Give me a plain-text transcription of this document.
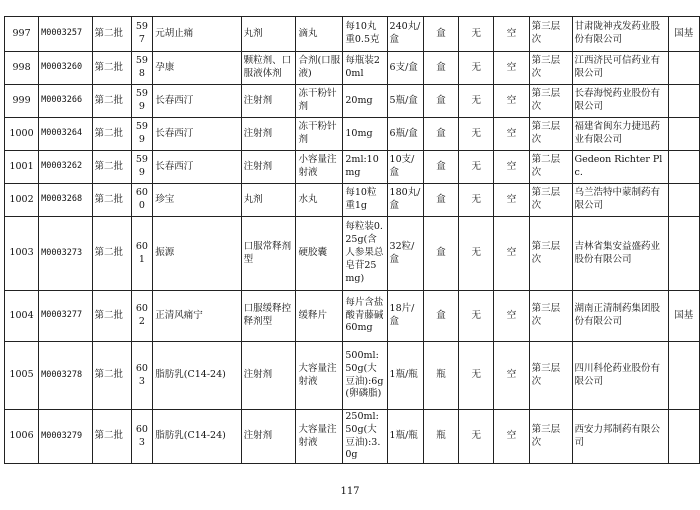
997	M0003257	第二批	597	元胡止痛	丸剂	滴丸	每10丸重0.5克	240丸/盒	盒	无	空	第三层次	甘肃陇神戎发药业股份有限公司	国基
998	M0003260	第二批	598	孕康	颗粒剂、口服液体剂	合剂(口服液)	每瓶装20ml	6支/盒	盒	无	空	第三层次	江西济民可信药业有限公司	
999	M0003266	第二批	599	长春西汀	注射剂	冻干粉针剂	20mg	5瓶/盒	盒	无	空	第三层次	长春海悦药业股份有限公司	
1000	M0003264	第二批	599	长春西汀	注射剂	冻干粉针剂	10mg	6瓶/盒	盒	无	空	第三层次	福建省闽东力捷迅药业有限公司	
1001	M0003262	第二批	599	长春西汀	注射剂	小容量注射液	2ml:10mg	10支/盒	盒	无	空	第二层次	Gedeon Richter Plc.	
1002	M0003268	第二批	600	珍宝	丸剂	水丸	每10粒重1g	180丸/盒	盒	无	空	第三层次	乌兰浩特中蒙制药有限公司	
1003	M0003273	第二批	601	振源	口服常释剂型	硬胶囊	每粒装0.25g(含人参果总皂苷25mg)	32粒/盒	盒	无	空	第三层次	吉林省集安益盛药业股份有限公司	
1004	M0003277	第二批	602	正清风痛宁	口服缓释控释剂型	缓释片	每片含盐酸青藤碱60mg	18片/盒	盒	无	空	第三层次	湖南正清制药集团股份有限公司	国基
1005	M0003278	第二批	603	脂肪乳(C14-24)	注射剂	大容量注射液	500ml:50g(大豆油):6g(卵磷脂)	1瓶/瓶	瓶	无	空	第三层次	四川科伦药业股份有限公司	
1006	M0003279	第二批	603	脂肪乳(C14-24)	注射剂	大容量注射液	250ml:50g(大豆油):3.0g	1瓶/瓶	瓶	无	空	第三层次	西安力邦制药有限公司	
117
